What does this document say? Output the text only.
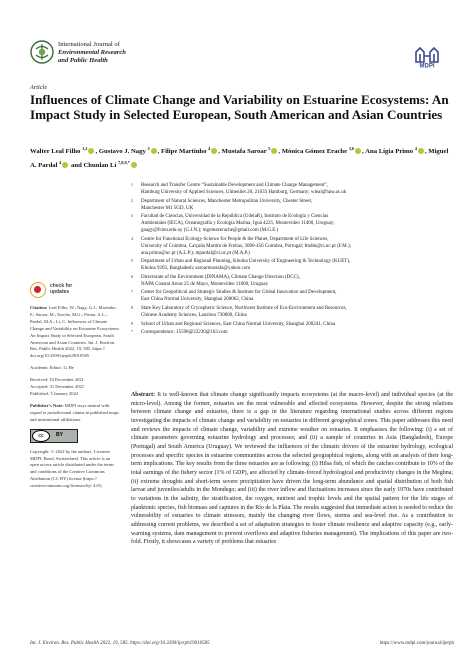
International Journal of
Environmental Research
and Public Health
MDPI
Article
Influences of Climate Change and Variability on Estuarine Ecosystems: An Impact Study in Selected European, South American and Asian Countries
Walter Leal Filho $^{1,2}$ , Gustavo J. Nagy $^3$ , Filipe Martinho $^4$ , Mustafa Saroar $^5$ , Mónica Gómez Erache $^{3,6}$ , Ana Lígia Primo $^4$ , Miguel A. Pardal $^4$ and Chunlan Li $^{7,8,9,*}$
1	Research and Transfer Centre “Sustainable Development and Climate Change Management”,
Hamburg University of Applied Sciences, Ulmenliet 20, 21033 Hamburg, Germany; wleal@haw.ac.uk
2	Department of Natural Sciences, Manchester Metropolitan University, Chester Street,
Manchester M1 5GD, UK
3	Facultad de Ciencias, Universidad de la República (UdelaR), Instituto de Ecología y Ciencias
Ambientales (IECA), Oceanografía y Ecología Marina, Iguá 4225, Montevideo 11400, Uruguay;
gnagy@fcien.edu.uy (G.J.N.); mgomezerache@gmail.com (M.G.E.)
4	Centre for Functional Ecology-Science for People & the Planet, Department of Life Sciences,
University of Coimbra, Calçada Martim de Freitas, 3000-456 Coimbra, Portugal; fmdm@ci.uc.pt (F.M.);
ana.primo@uc.pt (A.L.P.); mpardal@ci.uc.pt (M.A.P.)
5	Department of Urban and Regional Planning, Khulna University of Engineering & Technology (KUET),
Khulna 9203, Bangladesh; saroarmustafa@yahoo.com
6	Directorate of the Environment (DINAMA), Climate Change Direction (DCC),
NAPA Coastal Areas 25 de Mayo, Montevideo 11000, Uruguay
7	Center for Geopolitical and Strategic Studies & Institute for Global Innovation and Development,
East China Normal University, Shanghai 200062, China
8	State Key Laboratory of Cryospheric Science, Northwest Institute of Eco-Environment and Resources,
Chinese Academy Sciences, Lanzhou 730000, China
9	School of Urban and Regional Sciences, East China Normal University, Shanghai 200241, China
*	Correspondence: 15598@22230@163.com
check for
updates
Citation: Leal Filho, W.; Nagy, G.J.; Martinho, F.; Saroar, M.; Erache, M.G.; Primo, A.L.; Pardal, M.A.; Li, C. Influences of Climate Change and Variability on Estuarine Ecosystems: An Impact Study in Selected European, South American and Asian Countries. Int. J. Environ. Res. Public Health 2022, 19, 585. https:// doi.org/10.3390/ijerph19010585
Academic Editor: Li He
Received: 10 December 2021
Accepted: 31 December 2021
Published: 5 January 2022
Publisher’s Note: MDPI stays neutral with regard to jurisdictional claims in published maps and institutional affiliations.
cc	BY
Copyright: © 2022 by the authors. Licensee MDPI, Basel, Switzerland. This article is an open access article distributed under the terms and conditions of the Creative Commons Attribution (CC BY) license (https:// creativecommons.org/licenses/by/ 4.0/).
Abstract: It is well-known that climate change significantly impacts ecosystems (at the macro-level) and individual species (at the micro-level). Among the former, estuaries are the most vulnerable and affected ecosystems. However, despite the strong relations between climate change and estuaries, there is a gap in the literature regarding international studies across different regions investigating the impacts of climate change and variability on estuaries in different geographical zones. This paper addresses this need and reviews the impacts of climate change, variability and extreme weather on estuaries. It emphasises the following: (i) a set of climate parameters governing estuarine hydrology and processes; and (ii) a sample of countries in Asia (Bangladesh), Europe (Portugal) and South America (Uruguay). We reviewed the influences of the climatic drivers of the estuarine hydrology, ecological processes and specific species in estuarine communities across the selected geographical regions, along with an analysis of their long-term implications. The key results from the three estuaries are as following: (i) Hilsa fish, of which the catches contribute to 10% of the total earnings of the fishery sector (1% of GDP), are affected by climate-forced hydrological and productivity changes in the Meghna; (ii) extreme droughts and short-term severe precipitation have driven the long-term abundance and spatial distribution of both fish larvae and juveniles/adults in the Mondego; and (iii) the river inflow and fluctuations increases since the early 1970s have contributed to variations in the salinity, the stratification, the oxygen, nutrient and trophic levels and the spatial pattern for the life stages of planktonic species, fish biomass and captures in the Río de la Plata. The results suggested that immediate action is needed to reduce the vulnerability of estuaries to climate stressors, mainly the changing river flows, storms and sea-level rise. As a contribution to addressing current problems, we described a set of adaptation strategies to foster climate resilience and adaptive capacity (e.g., early-warning systems, dam management to prevent overflows and adaptive fisheries management). The implications of this paper are two-fold. Firstly, it showcases a variety of problems that estuaries
Int. J. Environ. Res. Public Health 2022, 19, 585. https://doi.org/10.3390/ijerph19010585	https://www.mdpi.com/journal/ijerph
